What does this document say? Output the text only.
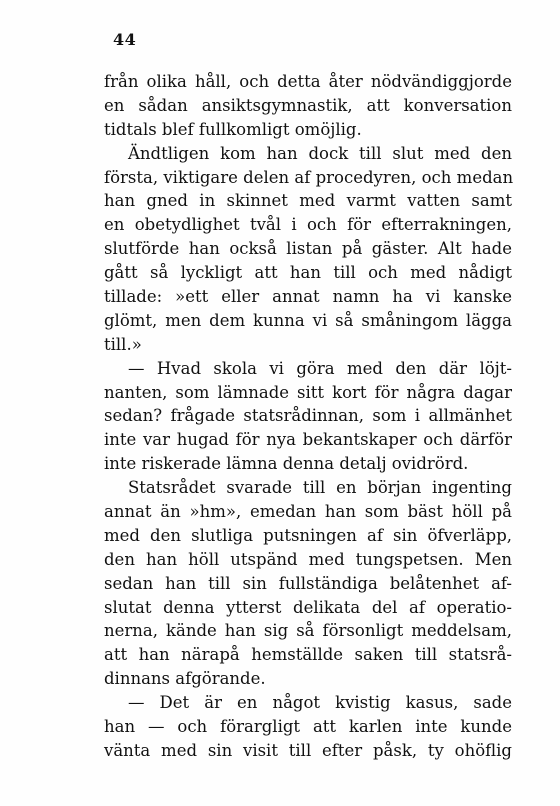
44
från olika håll, och detta åter nödvändiggjorde
en sådan ansiktsgymnastik, att konversation
tidtals blef fullkomligt omöjlig.
Ändtligen kom han dock till slut med den
första, viktigare delen af procedyren, och medan
han gned in skinnet med varmt vatten samt
en obetydlighet tvål i och för efterrakningen,
slutförde han också listan på gäster. Alt hade
gått så lyckligt att han till och med nådigt
tillade: »ett eller annat namn ha vi kanske
glömt, men dem kunna vi så småningom lägga
till.»
— Hvad skola vi göra med den där löjt-
nanten, som lämnade sitt kort för några dagar
sedan? frågade statsrådinnan, som i allmänhet
inte var hugad för nya bekantskaper och därför
inte riskerade lämna denna detalj ovidrörd.
Statsrådet svarade till en början ingenting
annat än »hm», emedan han som bäst höll på
med den slutliga putsningen af sin öfverläpp,
den han höll utspänd med tungspetsen. Men
sedan han till sin fullständiga belåtenhet af-
slutat denna ytterst delikata del af operatio-
nerna, kände han sig så försonligt meddelsam,
att han närapå hemställde saken till statsrå-
dinnans afgörande.
— Det är en något kvistig kasus, sade
han — och förargligt att karlen inte kunde
vänta med sin visit till efter påsk, ty ohöflig
